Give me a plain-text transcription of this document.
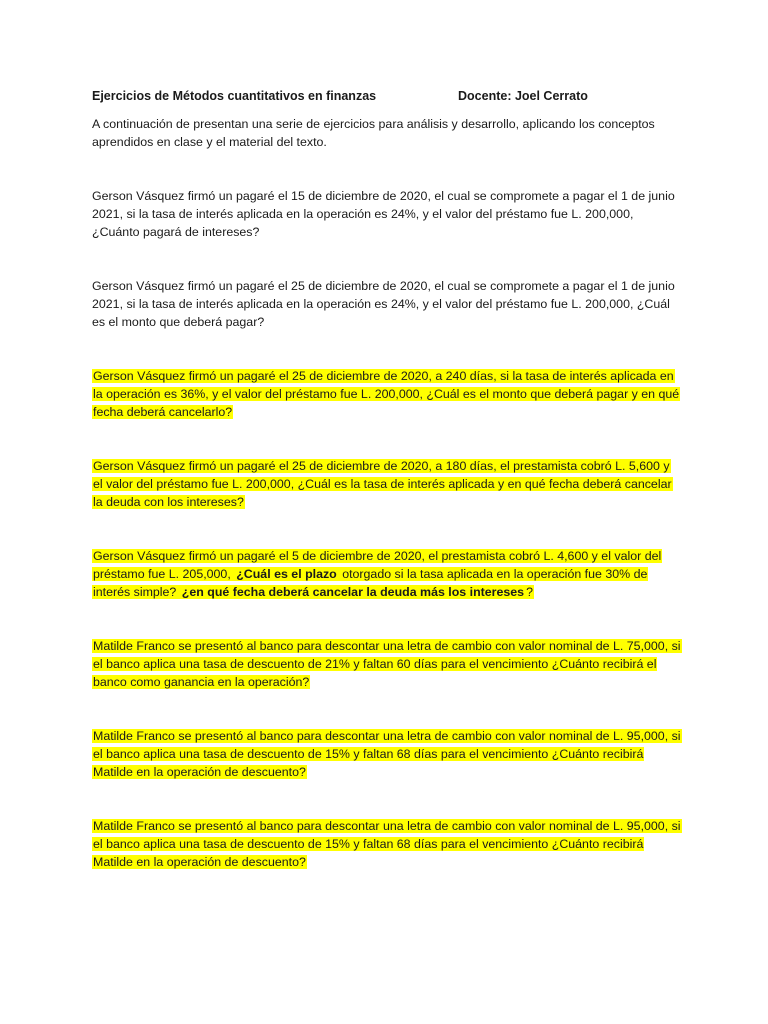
Ejercicios de Métodos cuantitativos en finanzas	Docente: Joel Cerrato

A continuación de presentan una serie de ejercicios para análisis y desarrollo, aplicando los conceptos aprendidos en clase y el material del texto.

Gerson Vásquez firmó un pagaré el 15 de diciembre de 2020, el cual se compromete a pagar el 1 de junio 2021, si la tasa de interés aplicada en la operación es 24%, y el valor del préstamo fue L. 200,000, ¿Cuánto pagará de intereses?

Gerson Vásquez firmó un pagaré el 25 de diciembre de 2020, el cual se compromete a pagar el 1 de junio 2021, si la tasa de interés aplicada en la operación es 24%, y el valor del préstamo fue L. 200,000, ¿Cuál es el monto que deberá pagar?

Gerson Vásquez firmó un pagaré el 25 de diciembre de 2020, a 240 días, si la tasa de interés aplicada en la operación es 36%, y el valor del préstamo fue L. 200,000, ¿Cuál es el monto que deberá pagar y en qué fecha deberá cancelarlo?

Gerson Vásquez firmó un pagaré el 25 de diciembre de 2020, a 180 días, el prestamista cobró L. 5,600 y el valor del préstamo fue L. 200,000, ¿Cuál es la tasa de interés aplicada y en qué fecha deberá cancelar la deuda con los intereses?

Gerson Vásquez firmó un pagaré el 5 de diciembre de 2020, el prestamista cobró L. 4,600 y el valor del préstamo fue L. 205,000, ¿Cuál es el plazo otorgado si la tasa aplicada en la operación fue 30% de interés simple? ¿en qué fecha deberá cancelar la deuda más los intereses ?

Matilde Franco se presentó al banco para descontar una letra de cambio con valor nominal de L. 75,000, si el banco aplica una tasa de descuento de 21% y faltan 60 días para el vencimiento ¿Cuánto recibirá el banco como ganancia en la operación?

Matilde Franco se presentó al banco para descontar una letra de cambio con valor nominal de L. 95,000, si el banco aplica una tasa de descuento de 15% y faltan 68 días para el vencimiento ¿Cuánto recibirá Matilde en la operación de descuento?

Matilde Franco se presentó al banco para descontar una letra de cambio con valor nominal de L. 95,000, si el banco aplica una tasa de descuento de 15% y faltan 68 días para el vencimiento ¿Cuánto recibirá Matilde en la operación de descuento?
